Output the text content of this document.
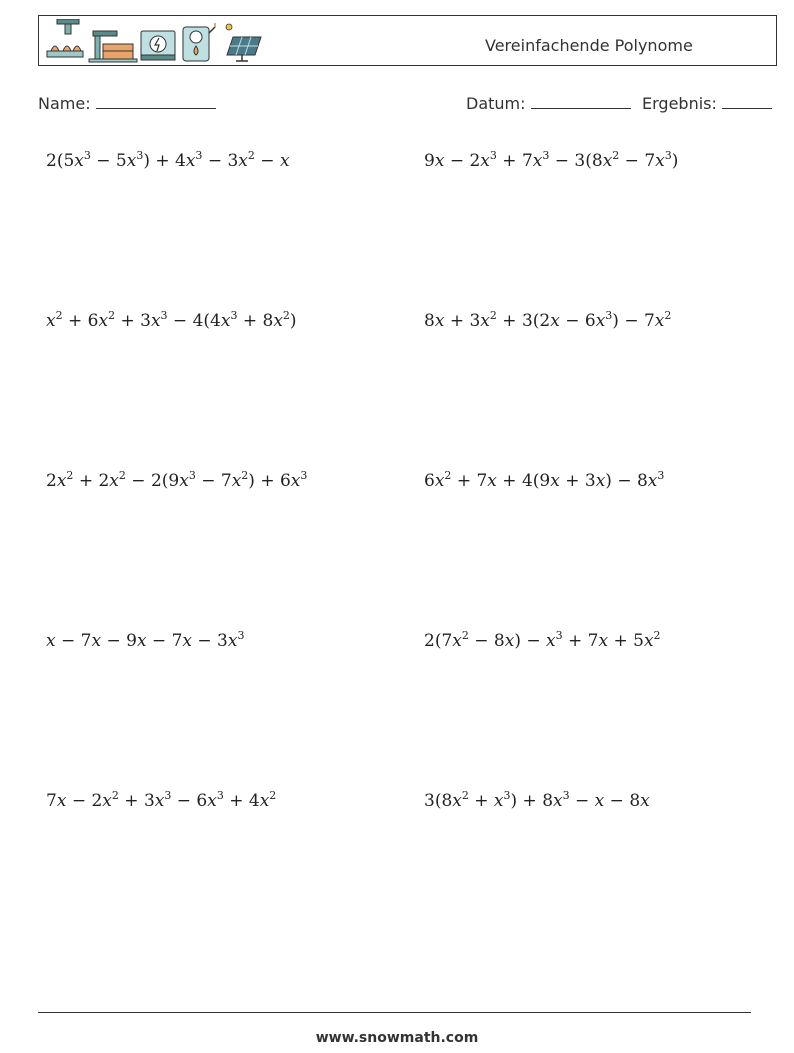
Vereinfachende Polynome
Name:	Datum:	Ergebnis:
$2(5x^3 - 5x^3) + 4x^3 - 3x^2 - x$	$9x - 2x^3 + 7x^3 - 3(8x^2 - 7x^3)$
$x^2 + 6x^2 + 3x^3 - 4(4x^3 + 8x^2)$	$8x + 3x^2 + 3(2x - 6x^3) - 7x^2$
$2x^2 + 2x^2 - 2(9x^3 - 7x^2) + 6x^3$	$6x^2 + 7x + 4(9x + 3x) - 8x^3$
$x - 7x - 9x - 7x - 3x^3$	$2(7x^2 - 8x) - x^3 + 7x + 5x^2$
$7x - 2x^2 + 3x^3 - 6x^3 + 4x^2$	$3(8x^2 + x^3) + 8x^3 - x - 8x$
www.snowmath.com
